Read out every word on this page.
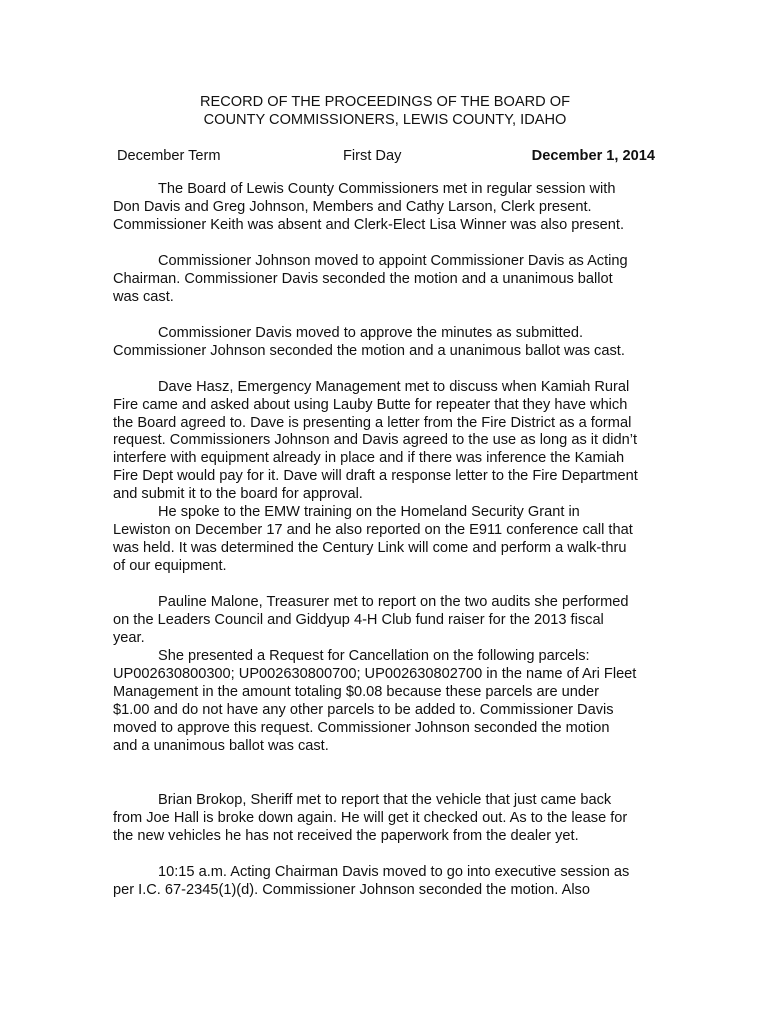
RECORD OF THE PROCEEDINGS OF THE BOARD OF
COUNTY COMMISSIONERS, LEWIS COUNTY, IDAHO
December Term	First Day	December 1, 2014
The Board of Lewis County Commissioners met in regular session with
Don Davis and Greg Johnson, Members and Cathy Larson, Clerk present.
Commissioner Keith was absent and Clerk-Elect Lisa Winner was also present.
Commissioner Johnson moved to appoint Commissioner Davis as Acting
Chairman. Commissioner Davis seconded the motion and a unanimous ballot
was cast.
Commissioner Davis moved to approve the minutes as submitted.
Commissioner Johnson seconded the motion and a unanimous ballot was cast.
Dave Hasz, Emergency Management met to discuss when Kamiah Rural
Fire came and asked about using Lauby Butte for repeater that they have which
the Board agreed to. Dave is presenting a letter from the Fire District as a formal
request. Commissioners Johnson and Davis agreed to the use as long as it didn’t
interfere with equipment already in place and if there was inference the Kamiah
Fire Dept would pay for it. Dave will draft a response letter to the Fire Department
and submit it to the board for approval.
He spoke to the EMW training on the Homeland Security Grant in
Lewiston on December 17 and he also reported on the E911 conference call that
was held. It was determined the Century Link will come and perform a walk-thru
of our equipment.
Pauline Malone, Treasurer met to report on the two audits she performed
on the Leaders Council and Giddyup 4-H Club fund raiser for the 2013 fiscal
year.
She presented a Request for Cancellation on the following parcels:
UP002630800300; UP002630800700; UP002630802700 in the name of Ari Fleet
Management in the amount totaling $0.08 because these parcels are under
$1.00 and do not have any other parcels to be added to. Commissioner Davis
moved to approve this request. Commissioner Johnson seconded the motion
and a unanimous ballot was cast.
Brian Brokop, Sheriff met to report that the vehicle that just came back
from Joe Hall is broke down again. He will get it checked out. As to the lease for
the new vehicles he has not received the paperwork from the dealer yet.
10:15 a.m. Acting Chairman Davis moved to go into executive session as
per I.C. 67-2345(1)(d). Commissioner Johnson seconded the motion. Also
